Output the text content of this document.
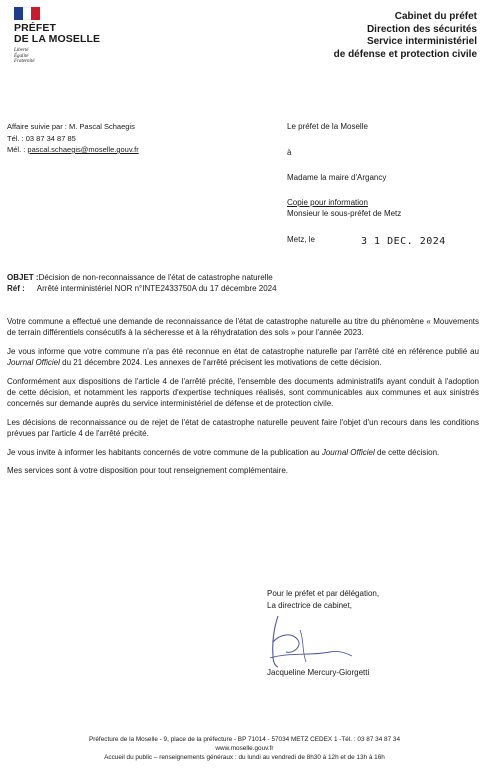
PRÉFET
DE LA MOSELLE
Liberté
Égalité
Fraternité
Cabinet du préfet
Direction des sécurités
Service interministériel
de défense et protection civile
Affaire suivie par : M. Pascal Schaegis
Tél. : 03 87 34 87 85
Mél. : pascal.schaegis@moselle.gouv.fr
Le préfet de la Moselle
à
Madame la maire d'Argancy
Copie pour information
Monsieur le sous-préfet de Metz
Metz, le	3 1 DEC. 2024
OBJET :Décision de non-reconnaissance de l'état de catastrophe naturelle
Réf : Arrêté interministériel NOR n°INTE2433750A du 17 décembre 2024

Votre commune a effectué une demande de reconnaissance de l'état de catastrophe naturelle au titre du phénomène « Mouvements de terrain différentiels consécutifs à la sécheresse et à la réhydratation des sols » pour l'année 2023.

Je vous informe que votre commune n'a pas été reconnue en état de catastrophe naturelle par l'arrêté cité en référence publié au Journal Officiel du 21 décembre 2024. Les annexes de l'arrêté précisent les motivations de cette décision.

Conformément aux dispositions de l'article 4 de l'arrêté précité, l'ensemble des documents administratifs ayant conduit à l'adoption de cette décision, et notamment les rapports d'expertise techniques réalisés, sont communicables aux communes et aux sinistrés concernés sur demande auprès du service interministériel de défense et de protection civile.

Les décisions de reconnaissance ou de rejet de l'état de catastrophe naturelle peuvent faire l'objet d'un recours dans les conditions prévues par l'article 4 de l'arrêté précité.

Je vous invite à informer les habitants concernés de votre commune de la publication au Journal Officiel de cette décision.

Mes services sont à votre disposition pour tout renseignement complémentaire.

Pour le préfet et par délégation,
La directrice de cabinet,
Jacqueline Mercury-Giorgetti
Préfecture de la Moselle - 9, place de la préfecture - BP 71014 - 57034 METZ CEDEX 1 -Tél. : 03 87 34 87 34
www.moselle.gouv.fr
Accueil du public – renseignements généraux : du lundi au vendredi de 8h30 à 12h et de 13h à 16h
